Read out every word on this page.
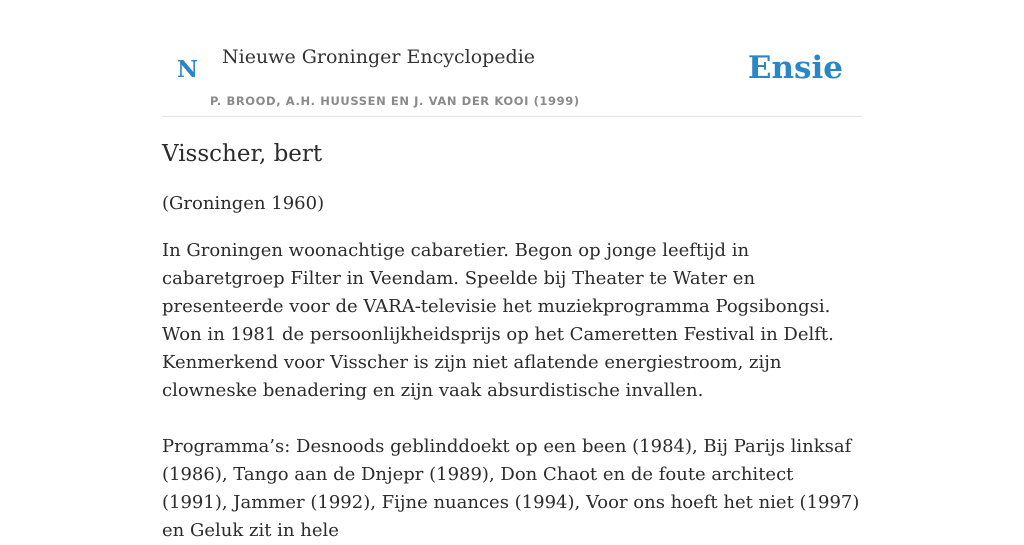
N Nieuwe Groninger Encyclopedie
P. BROOD, A.H. HUUSSEN EN J. VAN DER KOOI (1999)
Ensie
Visscher, bert

(Groningen 1960)

In Groningen woonachtige cabaretier. Begon op jonge leeftijd in cabaretgroep Filter in Veendam. Speelde bij Theater te Water en presenteerde voor de VARA-televisie het muziekprogramma Pogsibongsi. Won in 1981 de persoonlijkheidsprijs op het Cameretten Festival in Delft. Kenmerkend voor Visscher is zijn niet aflatende energiestroom, zijn clowneske benadering en zijn vaak absurdistische invallen.

Programma’s: Desnoods geblinddoekt op een been (1984), Bij Parijs linksaf (1986), Tango aan de Dnjepr (1989), Don Chaot en de foute architect (1991), Jammer (1992), Fijne nuances (1994), Voor ons hoeft het niet (1997) en Geluk zit in hele
